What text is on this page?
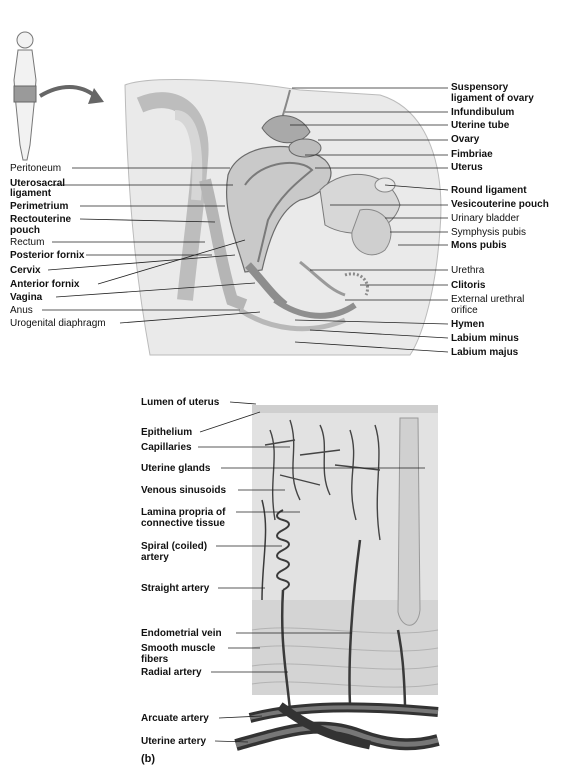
Peritoneum
Uterosacral
ligament
Perimetrium
Rectouterine
pouch
Rectum
Posterior fornix
Cervix
Anterior fornix
Vagina
Anus
Urogenital diaphragm
Suspensory
ligament of ovary
Infundibulum
Uterine tube
Ovary
Fimbriae
Uterus
Round ligament
Vesicouterine pouch
Urinary bladder
Symphysis pubis
Mons pubis
Urethra
Clitoris
External urethral
orifice
Hymen
Labium minus
Labium majus
Lumen of uterus
Epithelium
Capillaries
Uterine glands
Venous sinusoids
Lamina propria of
connective tissue
Spiral (coiled)
artery
Straight artery
Endometrial vein
Smooth muscle
fibers
Radial artery
Arcuate artery
Uterine artery
(b)
